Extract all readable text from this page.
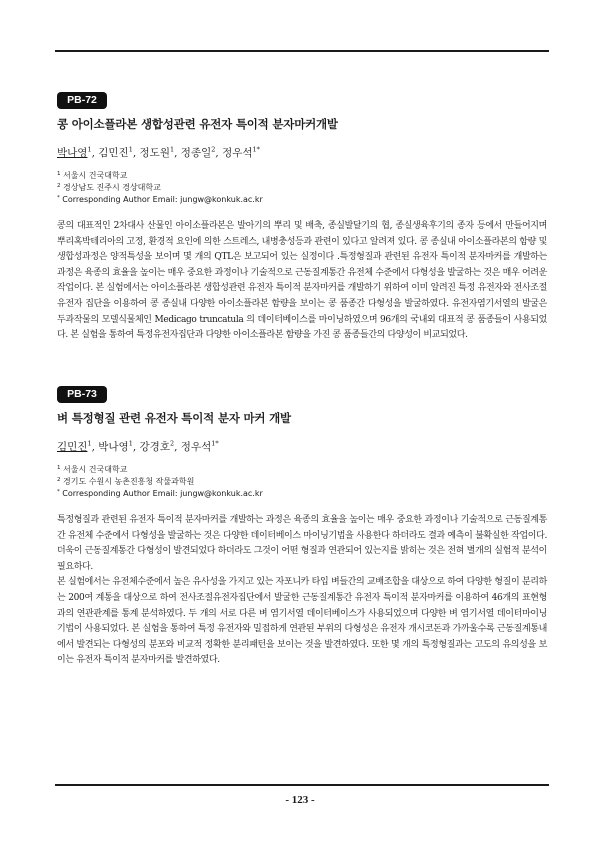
PB-72
콩 아이소플라본 생합성관련 유전자 특이적 분자마커개발
박나영$^1$, 김민진$^1$, 정도원$^1$, 정종일$^2$, 정우석$^{1*}$
$^1$ 서울시 건국대학교
$^2$ 경상남도 진주시 경상대학교
* Corresponding Author Email: jungw@konkuk.ac.kr

콩의 대표적인 2차대사 산물인 아이소플라본은 발아기의 뿌리 및 배축, 종실발달기의 협, 종실생육후기의 종자 등에서 만들어지며 뿌리혹박테리아의 고정, 환경적 요인에 의한 스트레스, 내병충성등과 관련이 있다고 알려져 있다. 콩 종실내 아이소플라본의 함량 및 생합성과정은 양적특성을 보이며 몇 개의 QTL은 보고되어 있는 실정이다 .특정형질과 관련된 유전자 특이적 분자마커를 개발하는 과정은 육종의 효율을 높이는 매우 중요한 과정이나 기술적으로 근동질계통간 유전체 수준에서 다형성을 발굴하는 것은 매우 어려운 작업이다. 본 실험에서는 아이소플라본 생합성관련 유전자 특이적 분자마커를 개발하기 위하여 이미 알려진 특정 유전자와 전사조절유전자 집단을 이용하여 콩 종실내 다양한 아이소플라본 함량을 보이는 콩 품종간 다형성을 발굴하였다. 유전자염기서열의 발굴은 두과작물의 모델식물체인 Medicago truncatula 의 데이터베이스를 마이닝하였으며 96개의 국내외 대표적 콩 품종들이 사용되었다. 본 실험을 통하여 특정유전자집단과 다양한 아이소플라본 함량을 가진 콩 품종들간의 다양성이 비교되었다.

PB-73
벼 특정형질 관련 유전자 특이적 분자 마커 개발
김민진$^1$, 박나영$^1$, 강경호$^2$, 정우석$^{1*}$
$^1$ 서울시 건국대학교
$^2$ 경기도 수원시 농촌진흥청 작물과학원
* Corresponding Author Email: jungw@konkuk.ac.kr

특정형질과 관련된 유전자 특이적 분자마커를 개발하는 과정은 육종의 효율을 높이는 매우 중요한 과정이나 기술적으로 근동질계통간 유전체 수준에서 다형성을 발굴하는 것은 다양한 데이터베이스 마이닝기법을 사용한다 하더라도 결과 예측이 불확실한 작업이다. 더욱이 근동질계통간 다형성이 발견되었다 하더라도 그것이 어떤 형질과 연관되어 있는지를 밝히는 것은 전혀 별개의 실험적 분석이 필요하다.

본 실험에서는 유전체수준에서 높은 유사성을 가지고 있는 자포니카 타입 벼들간의 교배조합을 대상으로 하여 다양한 형질이 분리하는 200여 계통을 대상으로 하여 전사조절유전자집단에서 발굴한 근동질계통간 유전자 특이적 분자마커를 이용하여 46개의 표현형과의 연관관계를 통계 분석하였다. 두 개의 서로 다른 벼 염기서열 데이터베이스가 사용되었으며 다양한 벼 염기서열 데이터마이닝 기법이 사용되었다. 본 실험을 통하여 특정 유전자와 밀접하게 연관된 부위의 다형성은 유전자 개시코돈과 가까울수록 근동질계통내에서 발견되는 다형성의 분포와 비교적 정확한 분리패턴을 보이는 것을 발견하였다. 또한 몇 개의 특정형질과는 고도의 유의성을 보이는 유전자 특이적 분자마커를 발견하였다.

- 123 -
